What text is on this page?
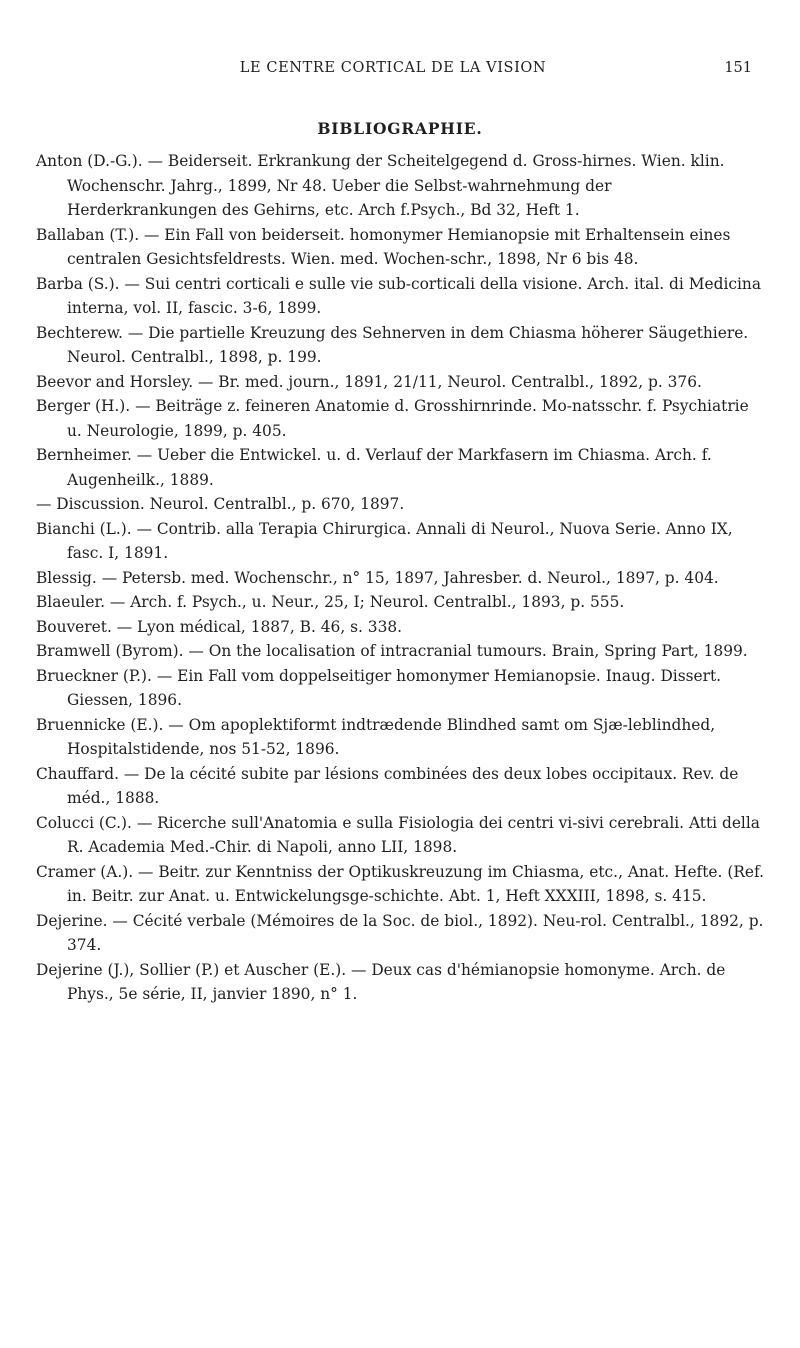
LE CENTRE CORTICAL DE LA VISION	151
BIBLIOGRAPHIE.

Anton (D.-G.). — Beiderseit. Erkrankung der Scheitelgegend d. Gross-hirnes. Wien. klin. Wochenschr. Jahrg., 1899, Nr 48. Ueber die Selbst-wahrnehmung der Herderkrankungen des Gehirns, etc. Arch f.Psych., Bd 32, Heft 1.

Ballaban (T.). — Ein Fall von beiderseit. homonymer Hemianopsie mit Erhaltensein eines centralen Gesichtsfeldrests. Wien. med. Wochen-schr., 1898, Nr 6 bis 48.

Barba (S.). — Sui centri corticali e sulle vie sub-corticali della visione. Arch. ital. di Medicina interna, vol. II, fascic. 3-6, 1899.

Bechterew. — Die partielle Kreuzung des Sehnerven in dem Chiasma höherer Säugethiere. Neurol. Centralbl., 1898, p. 199.

Beevor and Horsley. — Br. med. journ., 1891, 21/11, Neurol. Centralbl., 1892, p. 376.

Berger (H.). — Beiträge z. feineren Anatomie d. Grosshirnrinde. Mo-natsschr. f. Psychiatrie u. Neurologie, 1899, p. 405.

Bernheimer. — Ueber die Entwickel. u. d. Verlauf der Markfasern im Chiasma. Arch. f. Augenheilk., 1889.

— Discussion. Neurol. Centralbl., p. 670, 1897.

Bianchi (L.). — Contrib. alla Terapia Chirurgica. Annali di Neurol., Nuova Serie. Anno IX, fasc. I, 1891.

Blessig. — Petersb. med. Wochenschr., n° 15, 1897, Jahresber. d. Neurol., 1897, p. 404.

Blaeuler. — Arch. f. Psych., u. Neur., 25, I; Neurol. Centralbl., 1893, p. 555.

Bouveret. — Lyon médical, 1887, B. 46, s. 338.

Bramwell (Byrom). — On the localisation of intracranial tumours. Brain, Spring Part, 1899.

Brueckner (P.). — Ein Fall vom doppelseitiger homonymer Hemianopsie. Inaug. Dissert. Giessen, 1896.

Bruennicke (E.). — Om apoplektiformt indtrædende Blindhed samt om Sjæ-leblindhed, Hospitalstidende, nos 51-52, 1896.

Chauffard. — De la cécité subite par lésions combinées des deux lobes occipitaux. Rev. de méd., 1888.

Colucci (C.). — Ricerche sull'Anatomia e sulla Fisiologia dei centri vi-sivi cerebrali. Atti della R. Academia Med.-Chir. di Napoli, anno LII, 1898.

Cramer (A.). — Beitr. zur Kenntniss der Optikuskreuzung im Chiasma, etc., Anat. Hefte. (Ref. in. Beitr. zur Anat. u. Entwickelungsge-schichte. Abt. 1, Heft XXXIII, 1898, s. 415.

Dejerine. — Cécité verbale (Mémoires de la Soc. de biol., 1892). Neu-rol. Centralbl., 1892, p. 374.

Dejerine (J.), Sollier (P.) et Auscher (E.). — Deux cas d'hémianopsie homonyme. Arch. de Phys., 5e série, II, janvier 1890, n° 1.
